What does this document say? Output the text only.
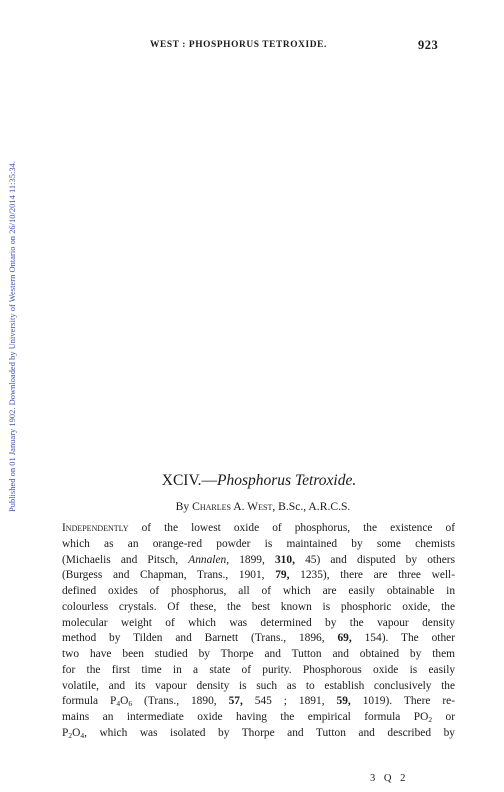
Published on 01 January 1902. Downloaded by University of Western Ontario on 26/10/2014 11:35:34.
WEST : PHOSPHORUS TETROXIDE.	923
XCIV.—Phosphorus Tetroxide.
By Charles A. West, B.Sc., A.R.C.S.
Independently of the lowest oxide of phosphorus, the existence of
which as an orange-red powder is maintained by some chemists
(Michaelis and Pitsch, Annalen, 1899, 310, 45) and disputed by others
(Burgess and Chapman, Trans., 1901, 79, 1235), there are three well-
defined oxides of phosphorus, all of which are easily obtainable in
colourless crystals. Of these, the best known is phosphoric oxide, the
molecular weight of which was determined by the vapour density
method by Tilden and Barnett (Trans., 1896, 69, 154). The other
two have been studied by Thorpe and Tutton and obtained by them
for the first time in a state of purity. Phosphorous oxide is easily
volatile, and its vapour density is such as to establish conclusively the
formula $P_4O_6$ (Trans., 1890, 57, 545 ; 1891, 59, 1019). There re-
mains an intermediate oxide having the empirical formula $PO_2$ or
$P_2O_4$, which was isolated by Thorpe and Tutton and described by
3 Q 2
